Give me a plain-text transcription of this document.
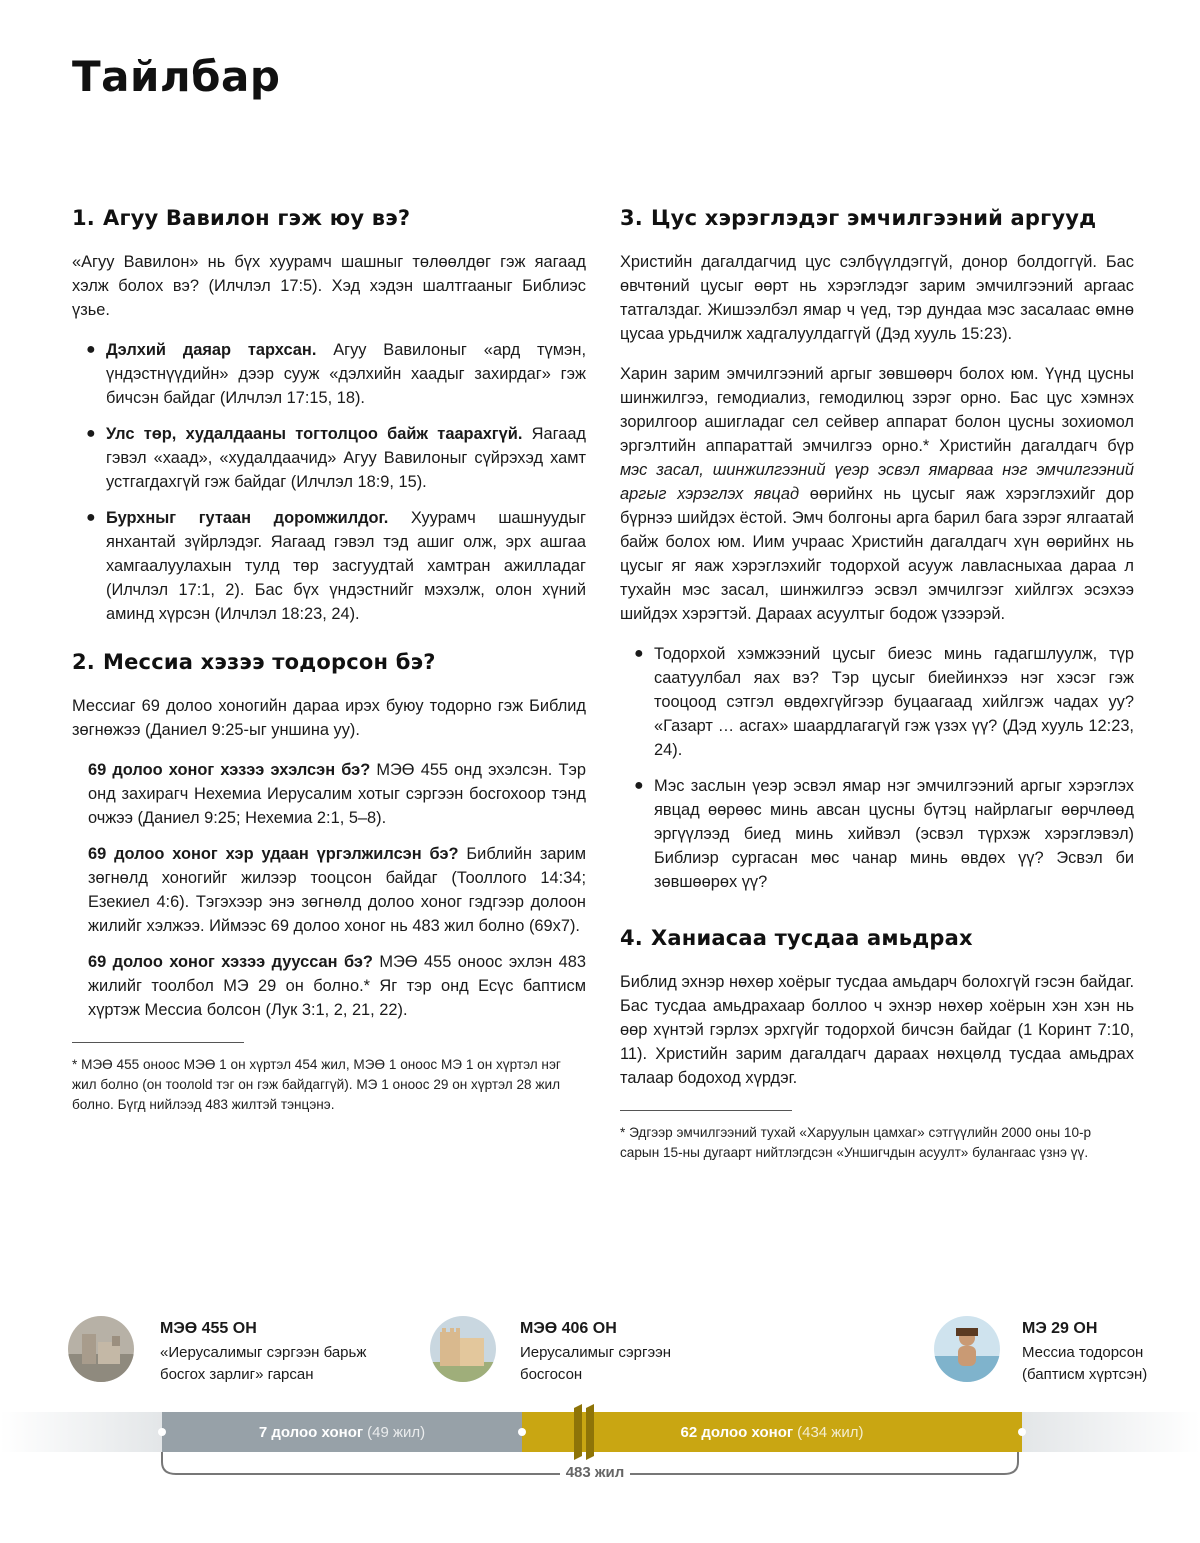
Тайлбар
1. Агуу Вавилон гэж юу вэ?

«Агуу Вавилон» нь бүх хуурамч шашныг төлөөлдөг гэж яагаад хэлж болох вэ? (Илчлэл 17:5). Хэд хэдэн шалтгааныг Библиэс үзье.

● Дэлхий даяар тархсан. Агуу Вавилоныг «ард түмэн, үндэстнүүдийн» дээр сууж «дэлхийн хаадыг захирдаг» гэж бичсэн байдаг (Илчлэл 17:15, 18).
● Улс төр, худалдааны тогтолцоо байж таарахгүй. Яагаад гэвэл «хаад», «худалдаачид» Агуу Вавилоныг сүйрэхэд хамт устгагдахгүй гэж байдаг (Илчлэл 18:9, 15).
● Бурхныг гутаан доромжилдог. Хуурамч шашнуудыг янхантай зүйрлэдэг. Яагаад гэвэл тэд ашиг олж, эрх ашгаа хамгаалуулахын тулд төр засгуудтай хамтран ажилладаг (Илчлэл 17:1, 2). Бас бүх үндэстнийг мэхэлж, олон хүний аминд хүрсэн (Илчлэл 18:23, 24).
2. Мессиа хэзээ тодорсон бэ?

Мессиаг 69 долоо хоногийн дараа ирэх буюу тодорно гэж Библид зөгнөжээ (Даниел 9:25-ыг уншина уу).

69 долоо хоног хэзээ эхэлсэн бэ? МЭӨ 455 онд эхэлсэн. Тэр онд захирагч Нехемиа Иерусалим хотыг сэргээн босгохоор тэнд очжээ (Даниел 9:25; Нехемиа 2:1, 5–8).

69 долоо хоног хэр удаан үргэлжилсэн бэ? Библийн зарим зөгнөлд хоногийг жилээр тооцсон байдаг (Тооллого 14:34; Езекиел 4:6). Тэгэхээр энэ зөгнөлд долоо хоног гэдгээр долоон жилийг хэлжээ. Иймээс 69 долоо хоног нь 483 жил болно (69x7).

69 долоо хоног хэзээ дууссан бэ? МЭӨ 455 оноос эхлэн 483 жилийг тоолбол МЭ 29 он болно.* Яг тэр онд Есүс баптисм хүртэж Мессиа болсон (Лук 3:1, 2, 21, 22).

* МЭӨ 455 оноос МЭӨ 1 он хүртэл 454 жил, МЭӨ 1 оноос МЭ 1 он хүртэл нэг жил болно (он тоолold тэг он гэж байдаггүй). МЭ 1 оноос 29 он хүртэл 28 жил болно. Бүгд нийлээд 483 жилтэй тэнцэнэ.

3. Цус хэрэглэдэг эмчилгээний аргууд

Христийн дагалдагчид цус сэлбүүлдэггүй, донор болдоггүй. Бас өвчтөний цусыг өөрт нь хэрэглэдэг зарим эмчилгээний аргаас татгалздаг. Жишээлбэл ямар ч үед, тэр дундаа мэс засалаас өмнө цусаа урьдчилж хадгалуулдаггүй (Дэд хууль 15:23).

Харин зарим эмчилгээний аргыг зөвшөөрч болох юм. Үүнд цусны шинжилгээ, гемодиализ, гемодилюц зэрэг орно. Бас цус хэмнэх зорилгоор ашигладаг сел сейвер аппарат болон цусны зохиомол эргэлтийн аппараттай эмчилгээ орно.* Христийн дагалдагч бүр мэс засал, шинжилгээний үеэр эсвэл ямарваа нэг эмчилгээний аргыг хэрэглэх явцад өөрийнх нь цусыг яаж хэрэглэхийг дор бүрнээ шийдэх ёстой. Эмч болгоны арга барил бага зэрэг ялгаатай байж болох юм. Иим учраас Христийн дагалдагч хүн өөрийнх нь цусыг яг яаж хэрэглэхийг тодорхой асууж лавласныхаа дараа л тухайн мэс засал, шинжилгээ эсвэл эмчилгээг хийлгэх эсэхээ шийдэх хэрэгтэй. Дараах асуултыг бодож үзээрэй.

● Тодорхой хэмжээний цусыг биеэс минь гадагшлуулж, түр саатуулбал яах вэ? Тэр цусыг биейинхээ нэг хэсэг гэж тооцоод сэтгэл өвдөхгүйгээр буцаагаад хийлгэж чадах уу? «Газарт … асгах» шаардлагагүй гэж үзэх үү? (Дэд хууль 12:23, 24).
● Мэс заслын үеэр эсвэл ямар нэг эмчилгээний аргыг хэрэглэх явцад өөрөөс минь авсан цусны бүтэц найрлагыг өөрчлөөд эргүүлээд биед минь хийвэл (эсвэл түрхэж хэрэглэвэл) Библиэр сургасан мөс чанар минь өвдөх үү? Эсвэл би зөвшөөрөх үү?
4. Ханиасаа тусдаа амьдрах

Библид эхнэр нөхөр хоёрыг тусдаа амьдарч болохгүй гэсэн байдаг. Бас тусдаа амьдрахаар боллоо ч эхнэр нөхөр хоёрын хэн хэн нь өөр хүнтэй гэрлэх эрхгүйг тодорхой бичсэн байдаг (1 Коринт 7:10, 11). Христийн зарим дагалдагч дараах нөхцөлд тусдаа амьдрах талаар бодоход хүрдэг.

* Эдгээр эмчилгээний тухай «Харуулын цамхаг» сэтгүүлийн 2000 оны 10-р сарын 15-ны дугаарт нийтлэгдсэн «Уншигчдын асуулт» булангаас үзнэ үү.

МЭӨ 455 ОН
«Иерусалимыг сэргээн барьж
босгох зарлиг» гарсан
МЭӨ 406 ОН
Иерусалимыг сэргээн
босгосон
МЭ 29 ОН
Мессиа тодорсон
(баптисм хүртсэн)
7 долоо хоног (49 жил)	62 долоо хоног (434 жил)
483 жил
